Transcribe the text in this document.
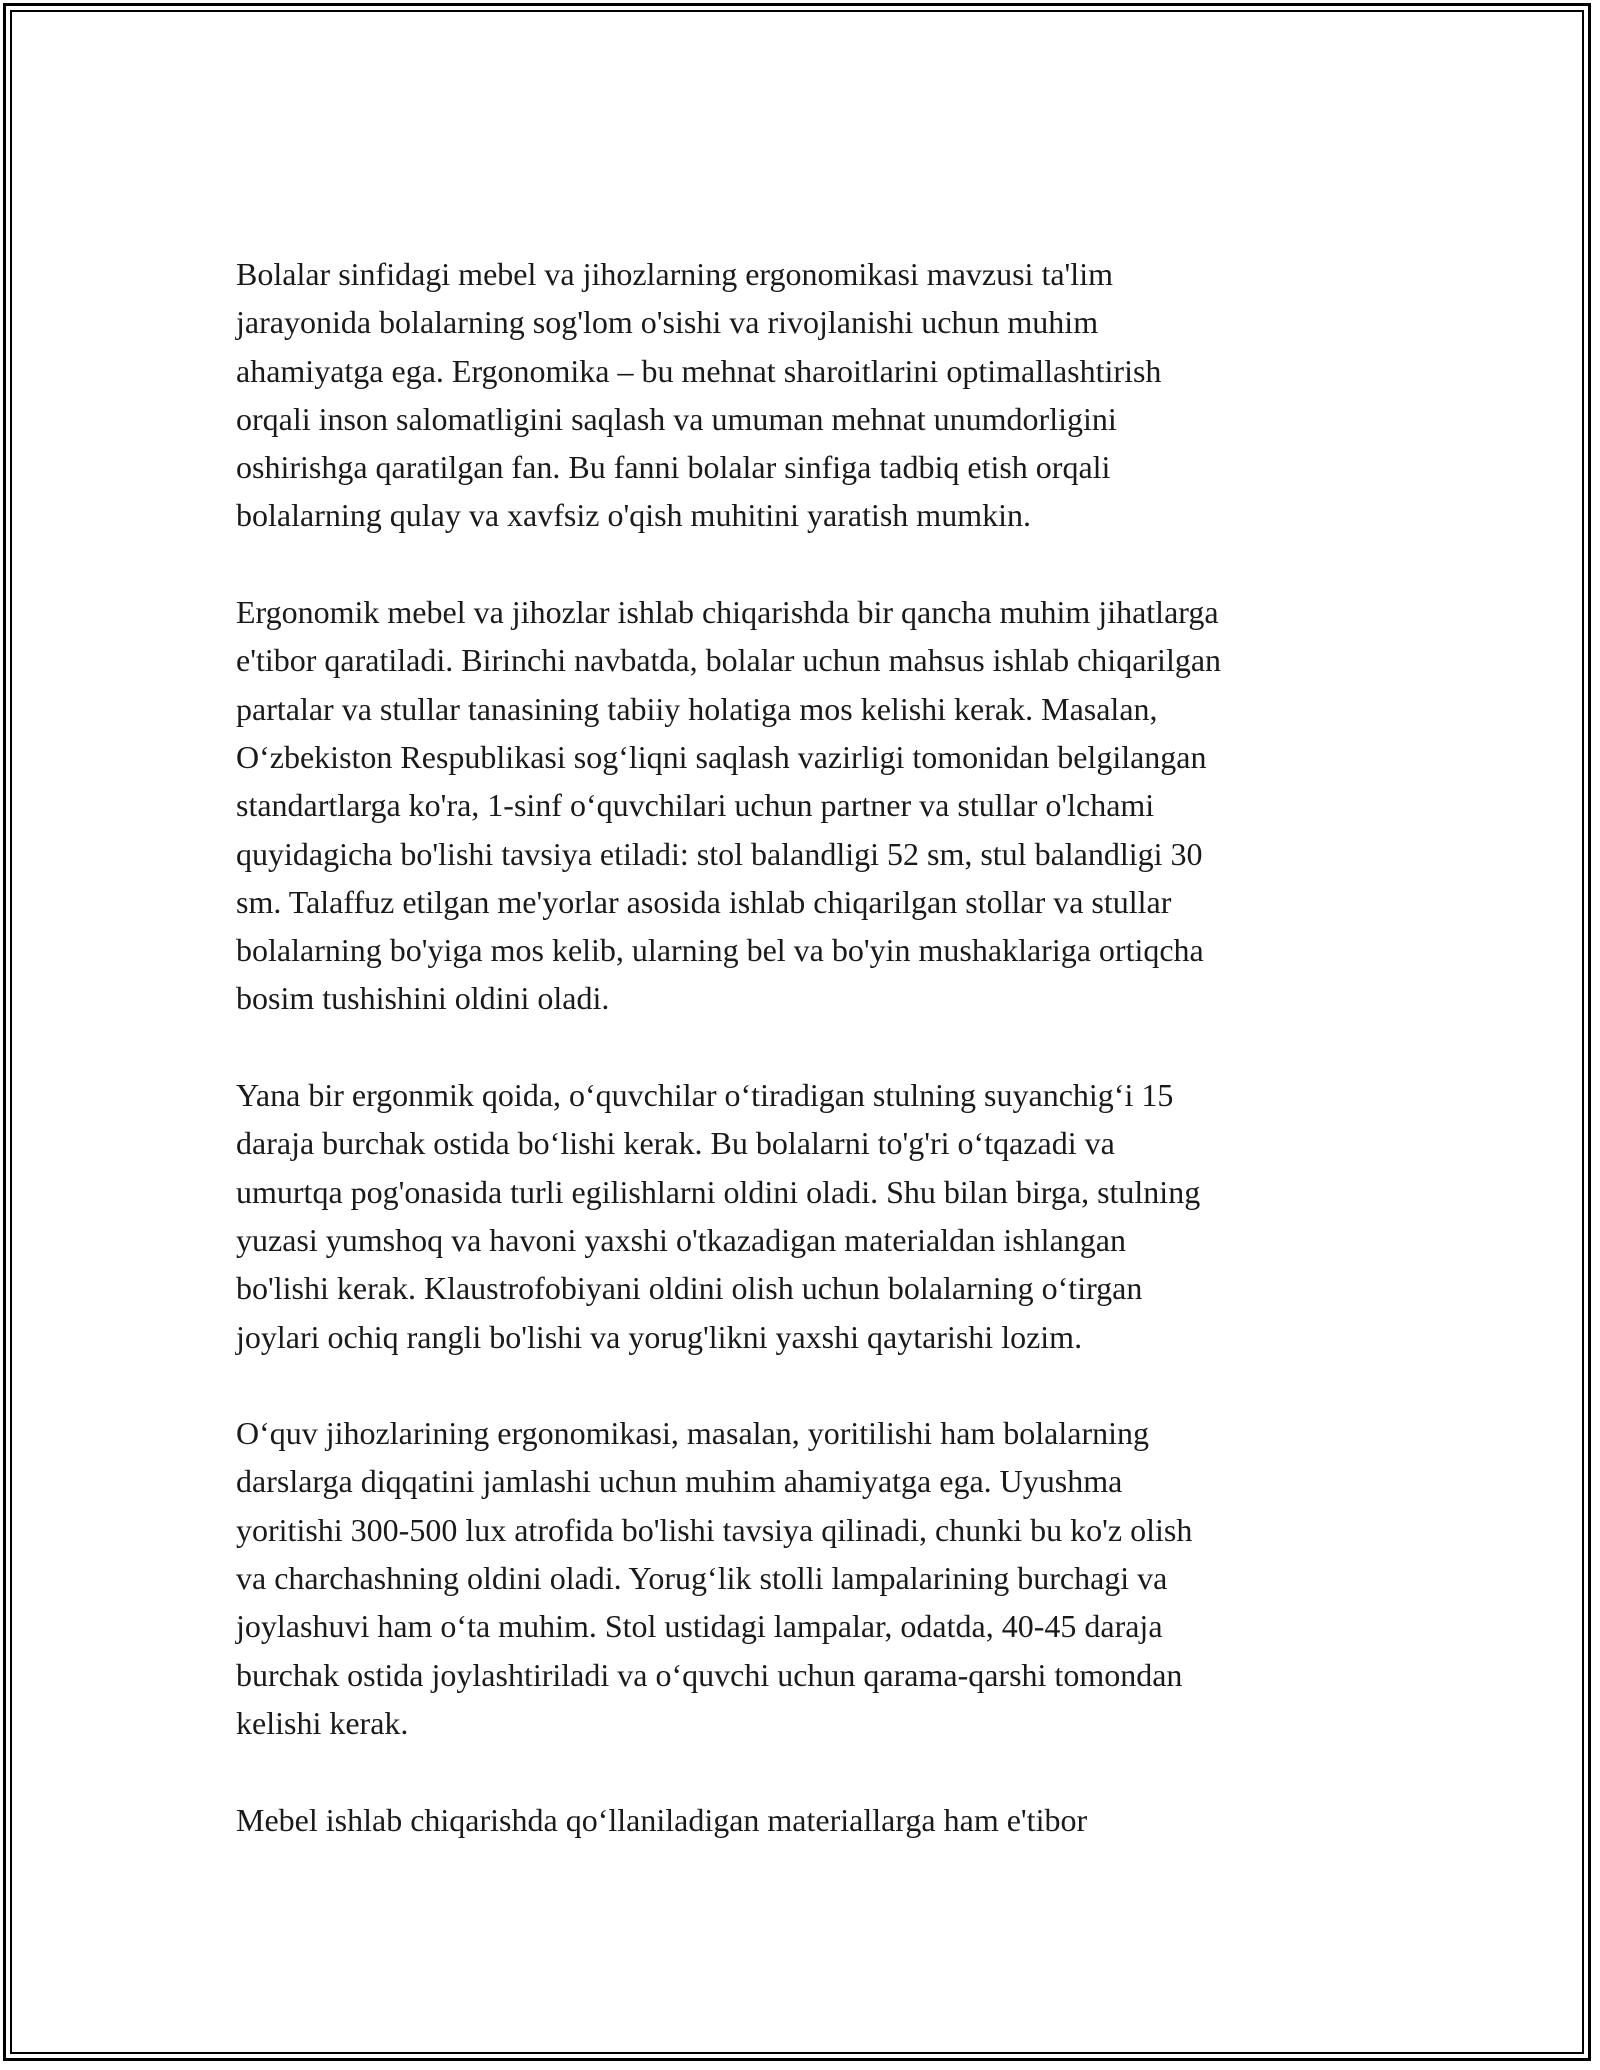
Bolalar sinfidagi mebel va jihozlarning ergonomikasi mavzusi ta'lim
jarayonida bolalarning sog'lom o'sishi va rivojlanishi uchun muhim
ahamiyatga ega. Ergonomika – bu mehnat sharoitlarini optimallashtirish
orqali inson salomatligini saqlash va umuman mehnat unumdorligini
oshirishga qaratilgan fan. Bu fanni bolalar sinfiga tadbiq etish orqali
bolalarning qulay va xavfsiz o'qish muhitini yaratish mumkin.

Ergonomik mebel va jihozlar ishlab chiqarishda bir qancha muhim jihatlarga
e'tibor qaratiladi. Birinchi navbatda, bolalar uchun mahsus ishlab chiqarilgan
partalar va stullar tanasining tabiiy holatiga mos kelishi kerak. Masalan,
O‘zbekiston Respublikasi sog‘liqni saqlash vazirligi tomonidan belgilangan
standartlarga ko'ra, 1-sinf o‘quvchilari uchun partner va stullar o'lchami
quyidagicha bo'lishi tavsiya etiladi: stol balandligi 52 sm, stul balandligi 30
sm. Talaffuz etilgan me'yorlar asosida ishlab chiqarilgan stollar va stullar
bolalarning bo'yiga mos kelib, ularning bel va bo'yin mushaklariga ortiqcha
bosim tushishini oldini oladi.

Yana bir ergonmik qoida, o‘quvchilar o‘tiradigan stulning suyanchig‘i 15
daraja burchak ostida bo‘lishi kerak. Bu bolalarni to'g'ri o‘tqazadi va
umurtqa pog'onasida turli egilishlarni oldini oladi. Shu bilan birga, stulning
yuzasi yumshoq va havoni yaxshi o'tkazadigan materialdan ishlangan
bo'lishi kerak. Klaustrofobiyani oldini olish uchun bolalarning o‘tirgan
joylari ochiq rangli bo'lishi va yorug'likni yaxshi qaytarishi lozim.

O‘quv jihozlarining ergonomikasi, masalan, yoritilishi ham bolalarning
darslarga diqqatini jamlashi uchun muhim ahamiyatga ega. Uyushma
yoritishi 300-500 lux atrofida bo'lishi tavsiya qilinadi, chunki bu ko'z olish
va charchashning oldini oladi. Yorug‘lik stolli lampalarining burchagi va
joylashuvi ham o‘ta muhim. Stol ustidagi lampalar, odatda, 40-45 daraja
burchak ostida joylashtiriladi va o‘quvchi uchun qarama-qarshi tomondan
kelishi kerak.

Mebel ishlab chiqarishda qo‘llaniladigan materiallarga ham e'tibor
